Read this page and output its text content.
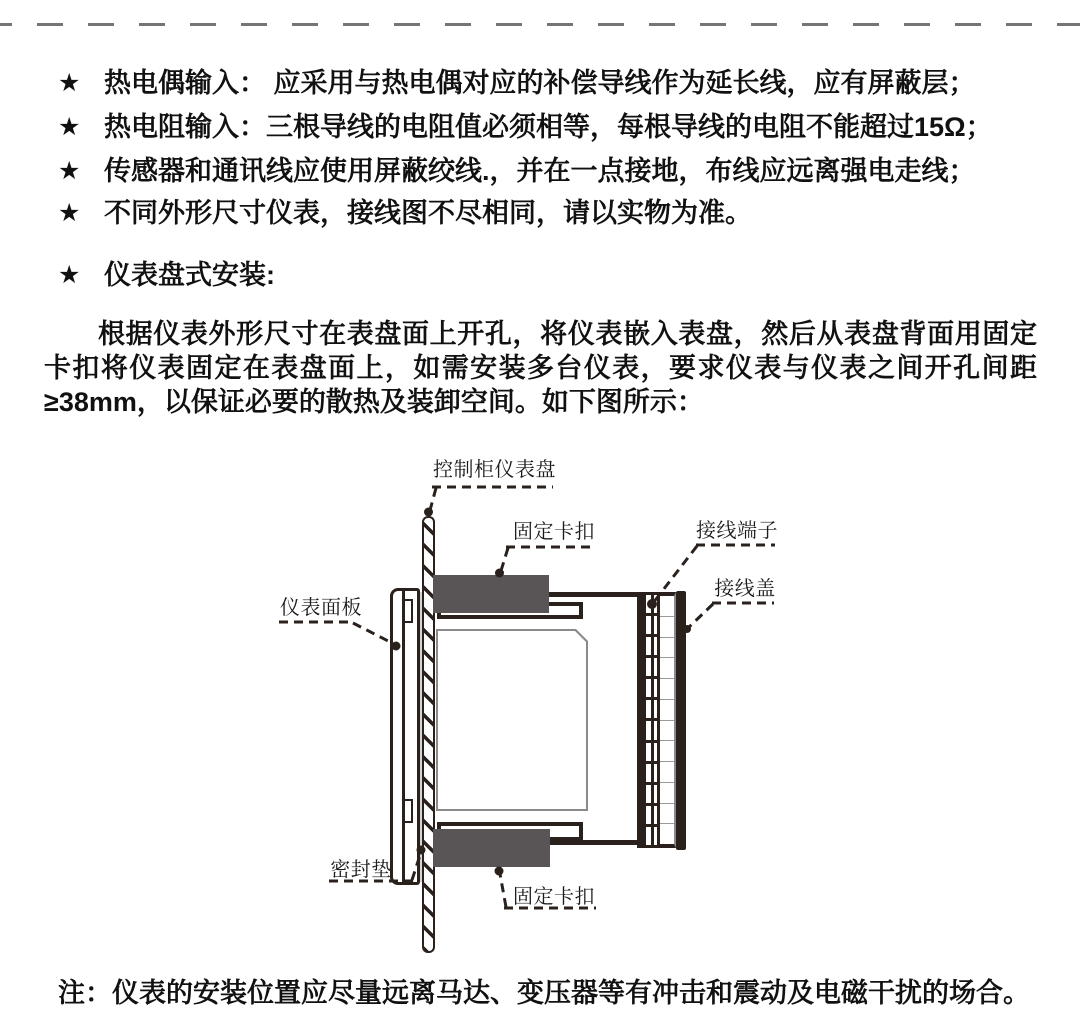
★ 热电偶输入： 应采用与热电偶对应的补偿导线作为延长线，应有屏蔽层；
★ 热电阻输入：三根导线的电阻值必须相等，每根导线的电阻不能超过15Ω；
★ 传感器和通讯线应使用屏蔽绞线.，并在一点接地，布线应远离强电走线；
★ 不同外形尺寸仪表，接线图不尽相同，请以实物为准。
★ 仪表盘式安装:

根据仪表外形尺寸在表盘面上开孔，将仪表嵌入表盘，然后从表盘背面用固定卡扣将仪表固定在表盘面上，如需安装多台仪表，要求仪表与仪表之间开孔间距≥38mm，以保证必要的散热及装卸空间。如下图所示：

控制柜仪表盘
固定卡扣	接线端子
接线盖
仪表面板
密封垫
固定卡扣

注：仪表的安装位置应尽量远离马达、变压器等有冲击和震动及电磁干扰的场合。
